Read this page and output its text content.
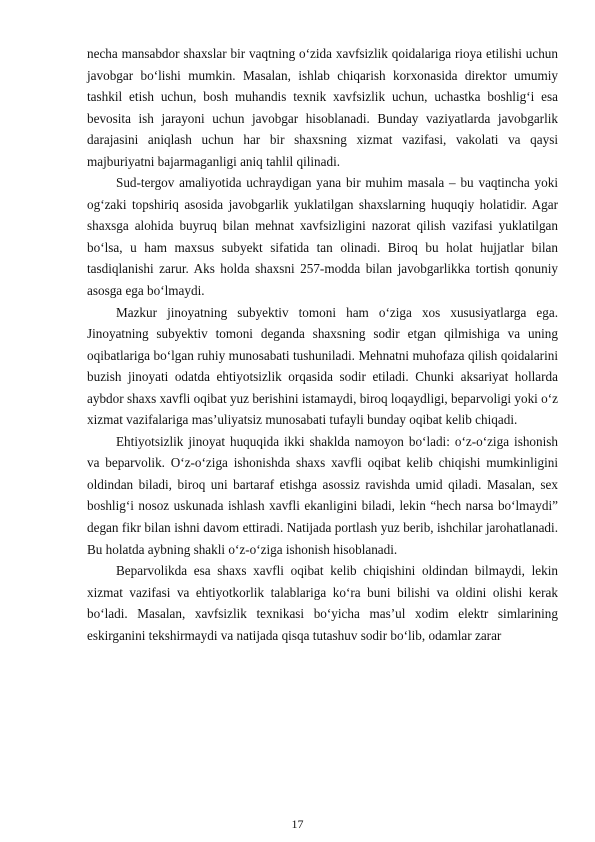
necha mansabdor shaxslar bir vaqtning o‘zida xavfsizlik qoidalariga rioya etilishi uchun javobgar bo‘lishi mumkin. Masalan, ishlab chiqarish korxonasida direktor umumiy tashkil etish uchun, bosh muhandis texnik xavfsizlik uchun, uchastka boshlig‘i esa bevosita ish jarayoni uchun javobgar hisoblanadi. Bunday vaziyatlarda javobgarlik darajasini aniqlash uchun har bir shaxsning xizmat vazifasi, vakolati va qaysi majburiyatni bajarmaganligi aniq tahlil qilinadi.

Sud-tergov amaliyotida uchraydigan yana bir muhim masala – bu vaqtincha yoki og‘zaki topshiriq asosida javobgarlik yuklatilgan shaxslarning huquqiy holatidir. Agar shaxsga alohida buyruq bilan mehnat xavfsizligini nazorat qilish vazifasi yuklatilgan bo‘lsa, u ham maxsus subyekt sifatida tan olinadi. Biroq bu holat hujjatlar bilan tasdiqlanishi zarur. Aks holda shaxsni 257-modda bilan javobgarlikka tortish qonuniy asosga ega bo‘lmaydi.

Mazkur jinoyatning subyektiv tomoni ham o‘ziga xos xususiyatlarga ega. Jinoyatning subyektiv tomoni deganda shaxsning sodir etgan qilmishiga va uning oqibatlariga bo‘lgan ruhiy munosabati tushuniladi. Mehnatni muhofaza qilish qoidalarini buzish jinoyati odatda ehtiyotsizlik orqasida sodir etiladi. Chunki aksariyat hollarda aybdor shaxs xavfli oqibat yuz berishini istamaydi, biroq loqaydligi, beparvoligi yoki o‘z xizmat vazifalariga mas’uliyatsiz munosabati tufayli bunday oqibat kelib chiqadi.

Ehtiyotsizlik jinoyat huquqida ikki shaklda namoyon bo‘ladi: o‘z-o‘ziga ishonish va beparvolik. O‘z-o‘ziga ishonishda shaxs xavfli oqibat kelib chiqishi mumkinligini oldindan biladi, biroq uni bartaraf etishga asossiz ravishda umid qiladi. Masalan, sex boshlig‘i nosoz uskunada ishlash xavfli ekanligini biladi, lekin “hech narsa bo‘lmaydi” degan fikr bilan ishni davom ettiradi. Natijada portlash yuz berib, ishchilar jarohatlanadi. Bu holatda aybning shakli o‘z-o‘ziga ishonish hisoblanadi.

Beparvolikda esa shaxs xavfli oqibat kelib chiqishini oldindan bilmaydi, lekin xizmat vazifasi va ehtiyotkorlik talablariga ko‘ra buni bilishi va oldini olishi kerak bo‘ladi. Masalan, xavfsizlik texnikasi bo‘yicha mas’ul xodim elektr simlarining eskirganini tekshirmaydi va natijada qisqa tutashuv sodir bo‘lib, odamlar zarar

17
